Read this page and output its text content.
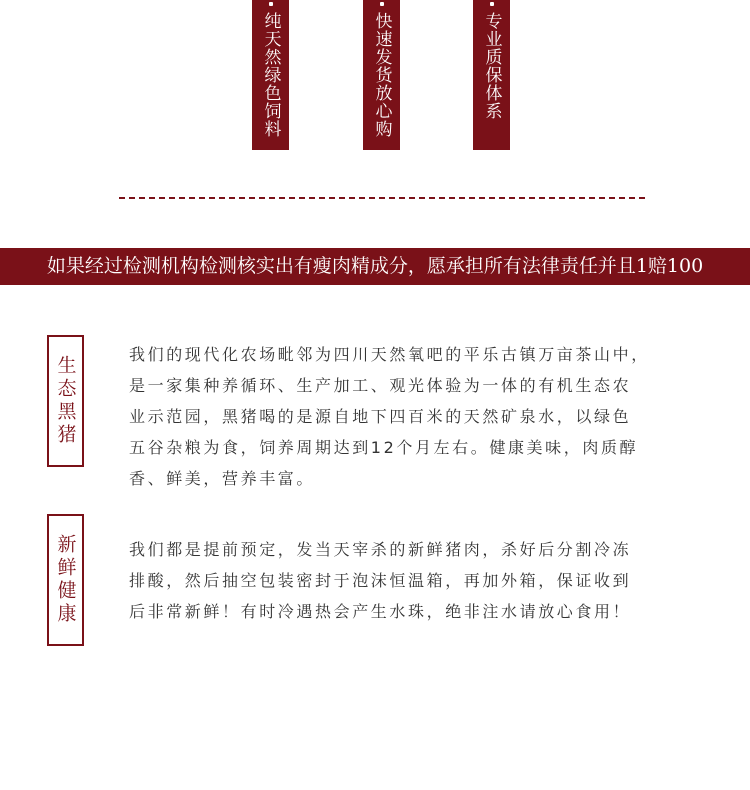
纯天然绿色饲料	快速发货放心购	专业质保体系
如果经过检测机构检测核实出有瘦肉精成分，愿承担所有法律责任并且1赔100
生态黑猪
我们的现代化农场毗邻为四川天然氧吧的平乐古镇万亩茶山中，
是一家集种养循环、生产加工、观光体验为一体的有机生态农
业示范园，黑猪喝的是源自地下四百米的天然矿泉水，以绿色
五谷杂粮为食，饲养周期达到12个月左右。健康美味，肉质醇
香、鲜美，营养丰富。
新鲜健康	我们都是提前预定，发当天宰杀的新鲜猪肉，杀好后分割冷冻
排酸，然后抽空包装密封于泡沫恒温箱，再加外箱，保证收到
后非常新鲜！有时冷遇热会产生水珠，绝非注水请放心食用！
